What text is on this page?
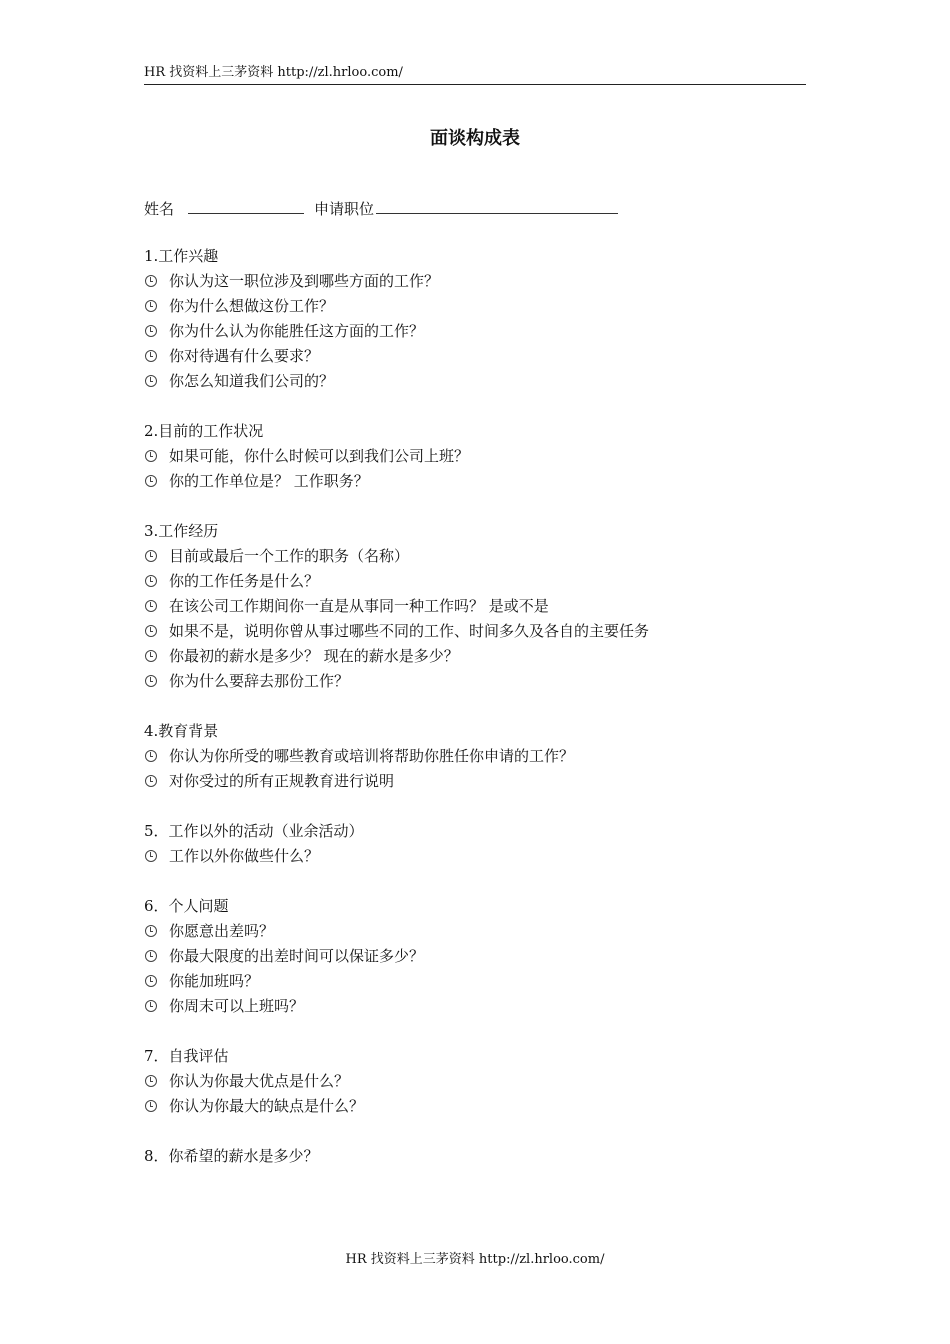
HR 找资料上三茅资料 http://zl.hrloo.com/
面谈构成表
姓名	申请职位
1.工作兴趣
你认为这一职位涉及到哪些方面的工作？
你为什么想做这份工作？
你为什么认为你能胜任这方面的工作？
你对待遇有什么要求？
你怎么知道我们公司的？
2.目前的工作状况
如果可能，你什么时候可以到我们公司上班？
你的工作单位是？ 工作职务？
3.工作经历
目前或最后一个工作的职务（名称）
你的工作任务是什么？
在该公司工作期间你一直是从事同一种工作吗？ 是或不是
如果不是，说明你曾从事过哪些不同的工作、时间多久及各自的主要任务
你最初的薪水是多少？ 现在的薪水是多少？
你为什么要辞去那份工作？
4.教育背景
你认为你所受的哪些教育或培训将帮助你胜任你申请的工作？
对你受过的所有正规教育进行说明
5．工作以外的活动（业余活动）
工作以外你做些什么？
6．个人问题
你愿意出差吗？
你最大限度的出差时间可以保证多少？
你能加班吗？
你周末可以上班吗？
7．自我评估
你认为你最大优点是什么？
你认为你最大的缺点是什么？
8．你希望的薪水是多少？
HR 找资料上三茅资料 http://zl.hrloo.com/
